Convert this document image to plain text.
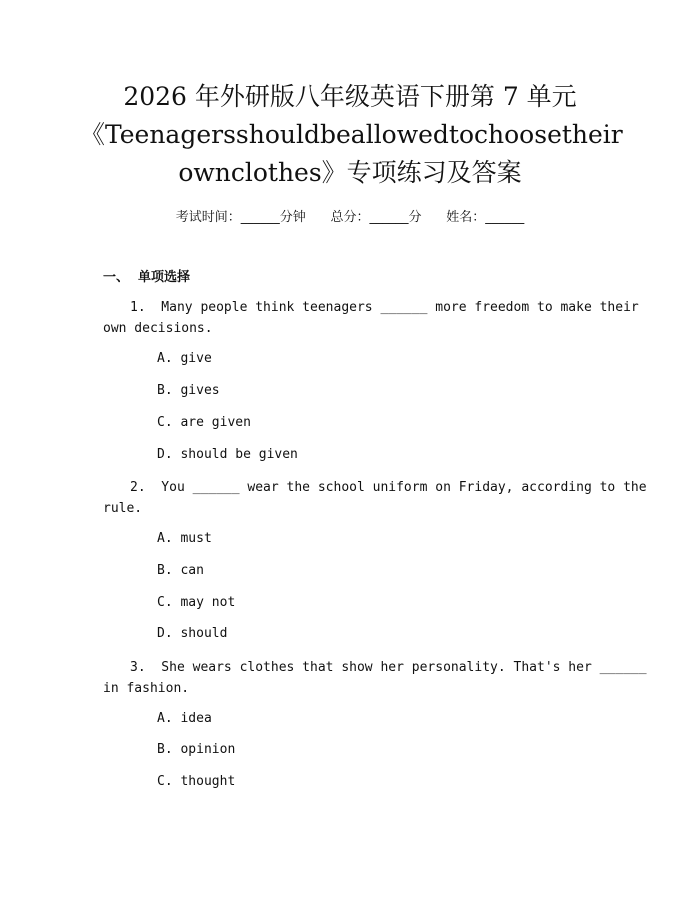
2026 年外研版八年级英语下册第 7 单元
《Teenagersshouldbeallowedtochoosetheir
ownclothes》专项练习及答案
考试时间：______分钟      总分：______分      姓名：______
一、  单项选择
1.  Many people think teenagers ______ more freedom to make their
own decisions.
A. give
B. gives
C. are given
D. should be given
2.  You ______ wear the school uniform on Friday, according to the
rule.
A. must
B. can
C. may not
D. should
3.  She wears clothes that show her personality. That's her ______
in fashion.
A. idea
B. opinion
C. thought
